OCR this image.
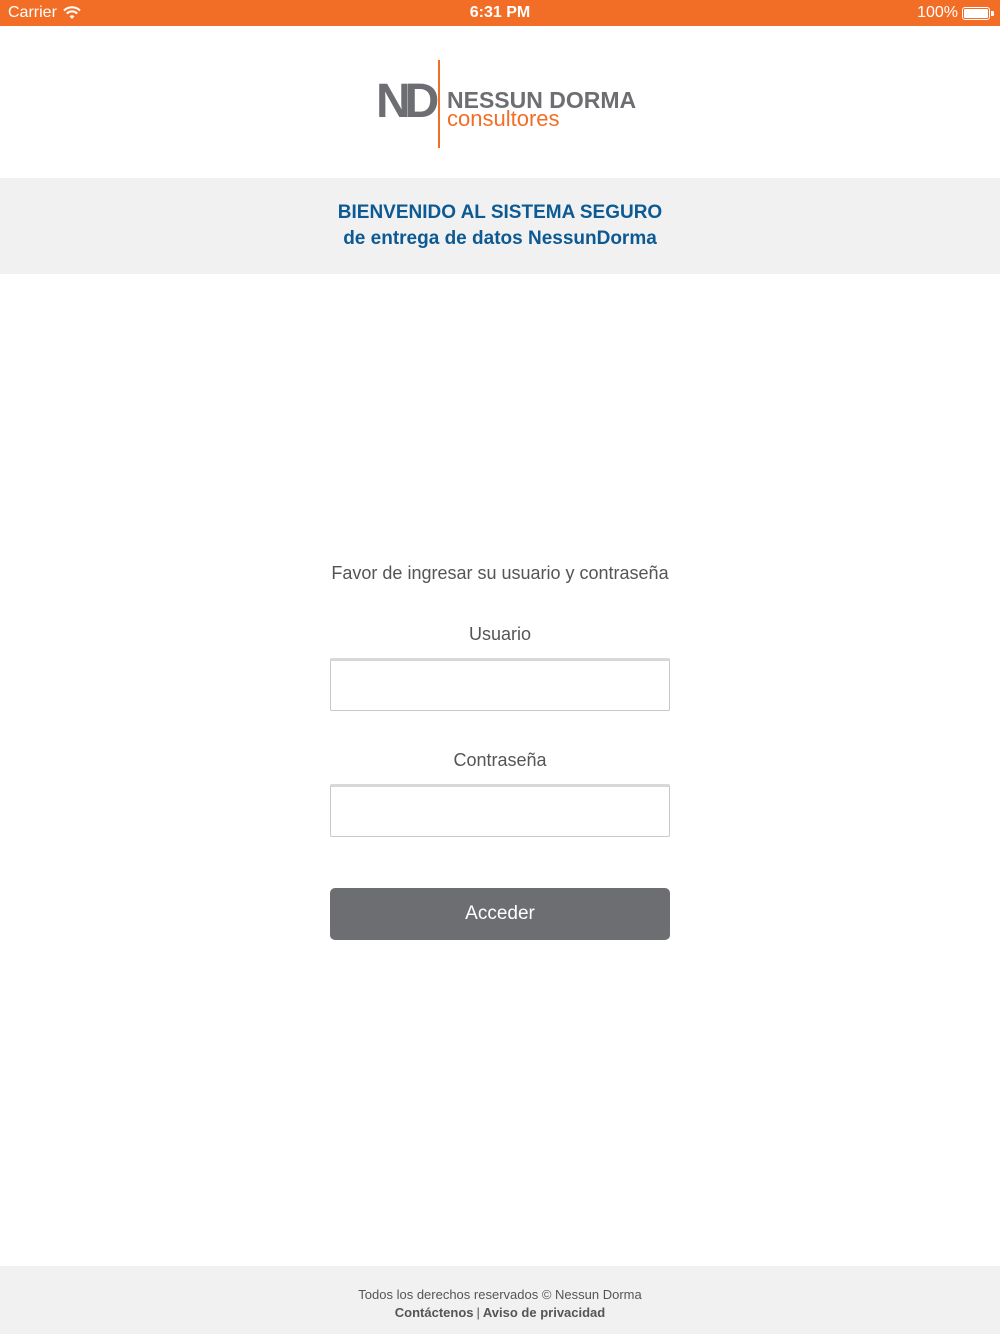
Carrier	6:31 PM	100%
ND NESSUN DORMA
consultores
BIENVENIDO AL SISTEMA SEGURO
de entrega de datos NessunDorma
Favor de ingresar su usuario y contraseña
Usuario
Contraseña
Acceder
Todos los derechos reservados © Nessun Dorma
Contáctenos | Aviso de privacidad
